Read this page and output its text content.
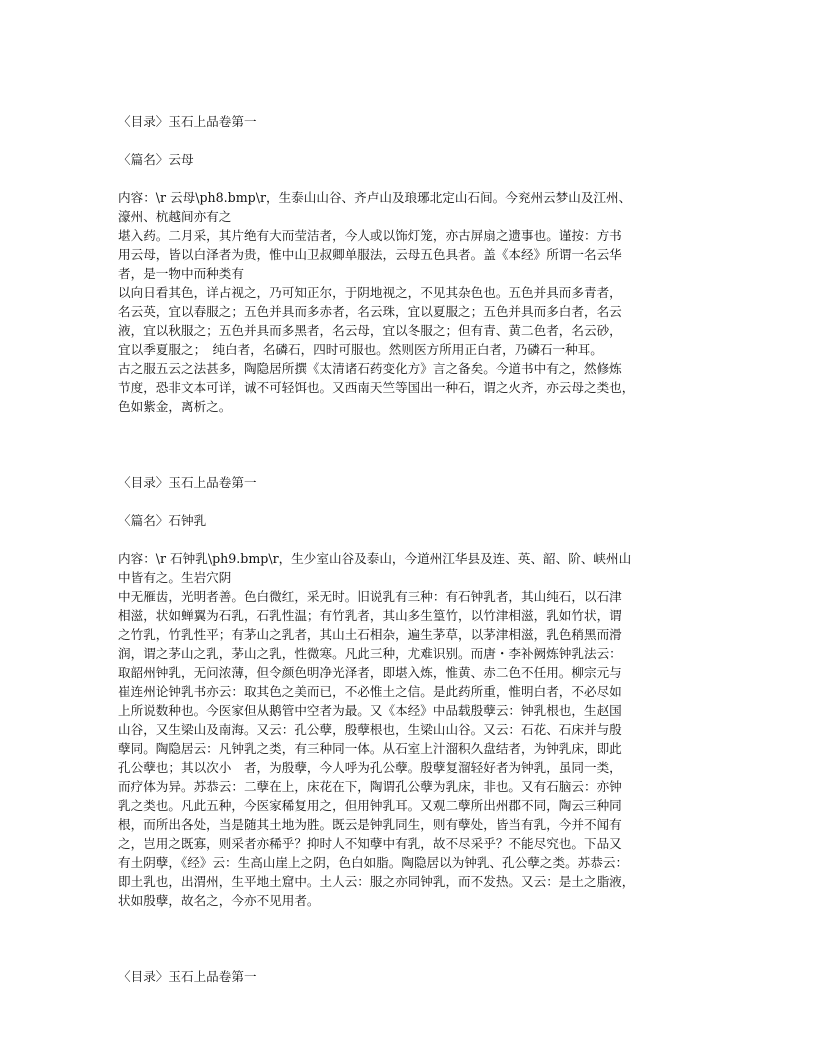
〈目录〉玉石上品卷第一
〈篇名〉云母
内容：\r 云母\ph8.bmp\r，生泰山山谷、齐卢山及琅琊北定山石间。今兖州云梦山及江州、
濠州、杭越间亦有之
堪入药。二月采，其片绝有大而莹洁者，今人或以饰灯笼，亦古屏扇之遗事也。谨按：方书
用云母，皆以白泽者为贵，惟中山卫叔卿单服法，云母五色具者。盖《本经》所谓一名云华
者，是一物中而种类有
以向日看其色，详占视之，乃可知正尔，于阴地视之，不见其杂色也。五色并具而多青者，
名云英，宜以春服之；五色并具而多赤者，名云珠，宜以夏服之；五色并具而多白者，名云
液，宜以秋服之；五色并具而多黑者，名云母，宜以冬服之；但有青、黄二色者，名云砂，
宜以季夏服之；　纯白者，名磷石，四时可服也。然则医方所用正白者，乃磷石一种耳。
古之服五云之法甚多，陶隐居所撰《太清诸石药变化方》言之备矣。今道书中有之，然修炼
节度，恐非文本可详，诚不可轻饵也。又西南天竺等国出一种石，谓之火齐，亦云母之类也，
色如紫金，离析之。
〈目录〉玉石上品卷第一
〈篇名〉石钟乳
内容：\r 石钟乳\ph9.bmp\r，生少室山谷及泰山，今道州江华县及连、英、韶、阶、峡州山
中皆有之。生岩穴阴
中无雁齿，光明者善。色白微红，采无时。旧说乳有三种：有石钟乳者，其山纯石，以石津
相滋，状如蝉翼为石乳，石乳性温；有竹乳者，其山多生篁竹，以竹津相滋，乳如竹状，谓
之竹乳，竹乳性平；有茅山之乳者，其山土石相杂，遍生茅草，以茅津相滋，乳色稍黑而滑
润，谓之茅山之乳，茅山之乳，性微寒。凡此三种，尤难识别。而唐・李补阙炼钟乳法云：
取韶州钟乳，无问浓薄，但令颜色明净光泽者，即堪入炼，惟黄、赤二色不任用。柳宗元与
崔连州论钟乳书亦云：取其色之美而已，不必惟土之信。是此药所重，惟明白者，不必尽如
上所说数种也。今医家但从鹅管中空者为最。又《本经》中品载殷孽云：钟乳根也，生赵国
山谷，又生梁山及南海。又云：孔公孽，殷孽根也，生梁山山谷。又云：石花、石床并与殷
孽同。陶隐居云：凡钟乳之类，有三种同一体。从石室上汁溜积久盘结者，为钟乳床，即此
孔公孽也；其以次小　者，为殷孽，今人呼为孔公孽。殷孽复溜轻好者为钟乳，虽同一类，
而疗体为异。苏恭云：二孽在上，床花在下，陶谓孔公孽为乳床，非也。又有石脑云：亦钟
乳之类也。凡此五种，今医家稀复用之，但用钟乳耳。又观二孽所出州郡不同，陶云三种同
根，而所出各处，当是随其土地为胜。既云是钟乳同生，则有孽处，皆当有乳，今并不闻有
之，岂用之既寡，则采者亦稀乎？抑时人不知孽中有乳，故不尽采乎？不能尽究也。下品又
有土阴孽，《经》云：生高山崖上之阴，色白如脂。陶隐居以为钟乳、孔公孽之类。苏恭云：
即土乳也，出渭州，生平地土窟中。土人云：服之亦同钟乳，而不发热。又云：是土之脂液，
状如殷孽，故名之，今亦不见用者。
〈目录〉玉石上品卷第一
